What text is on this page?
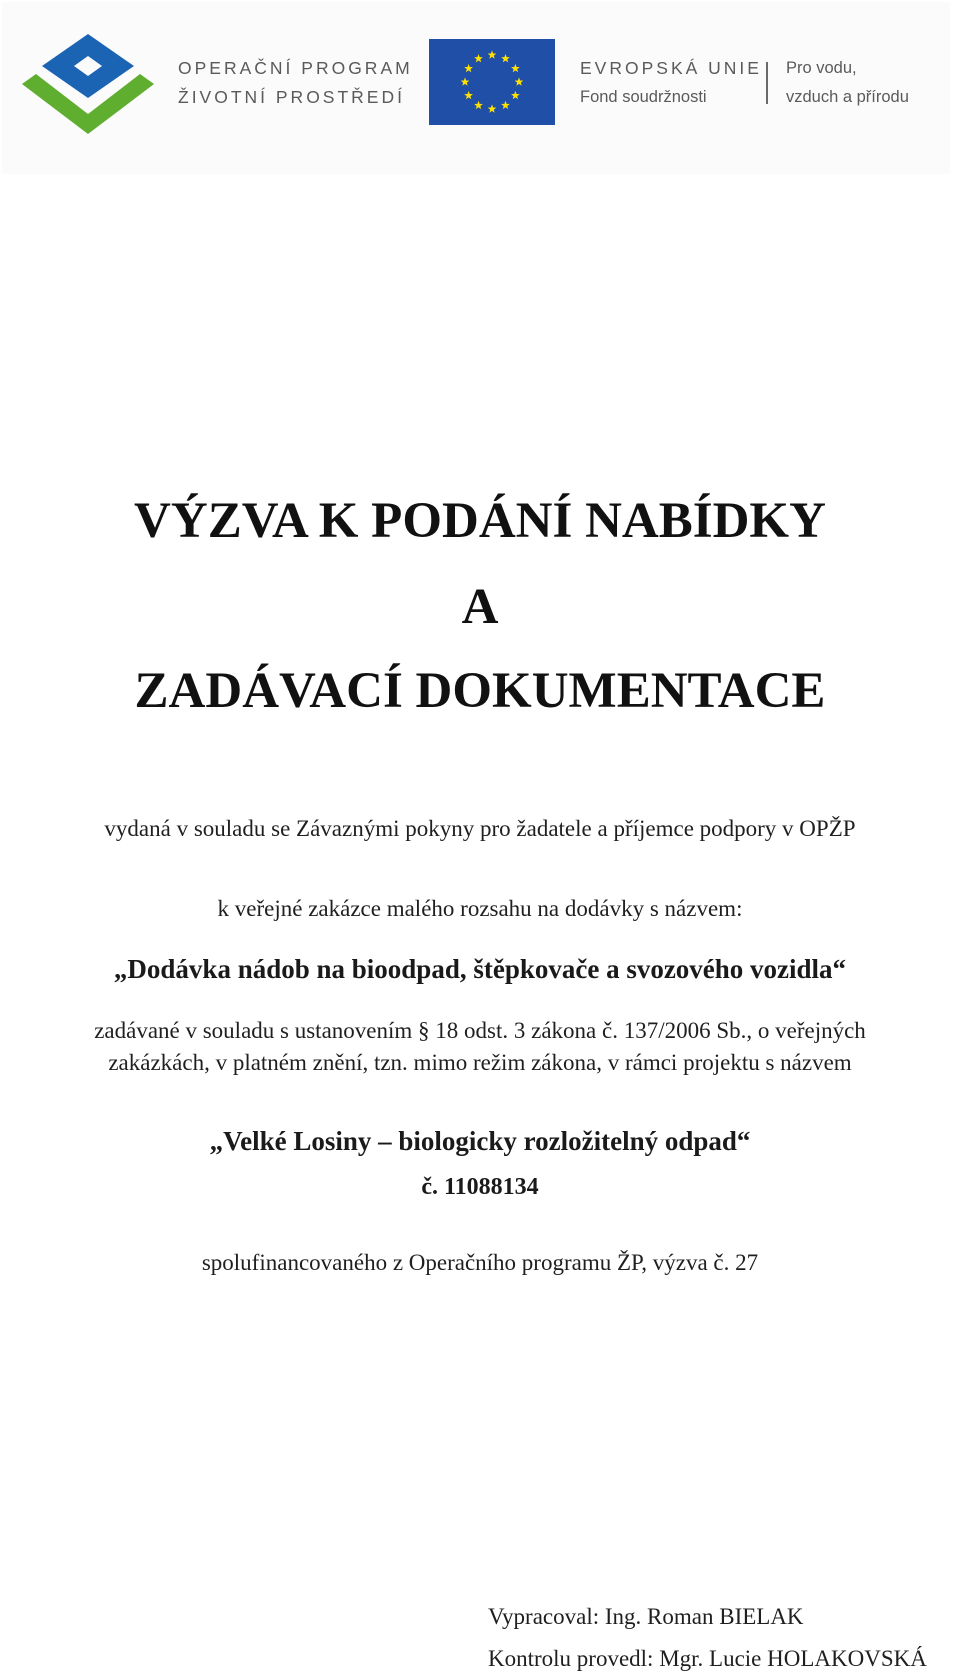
OPERAČNÍ PROGRAM
ŽIVOTNÍ PROSTŘEDÍ
EVROPSKÁ UNIE
Fond soudržnosti
Pro vodu,
vzduch a přírodu
VÝZVA K PODÁNÍ NABÍDKY
A
ZADÁVACÍ DOKUMENTACE
vydaná v souladu se Závaznými pokyny pro žadatele a příjemce podpory v OPŽP
k veřejné zakázce malého rozsahu na dodávky s názvem:
„Dodávka nádob na bioodpad, štěpkovače a svozového vozidla“
zadávané v souladu s ustanovením § 18 odst. 3 zákona č. 137/2006 Sb., o veřejných
zakázkách, v platném znění, tzn. mimo režim zákona, v rámci projektu s názvem
„Velké Losiny – biologicky rozložitelný odpad“
č. 11088134
spolufinancovaného z Operačního programu ŽP, výzva č. 27
Vypracoval: Ing. Roman BIELAK
Kontrolu provedl: Mgr. Lucie HOLAKOVSKÁ
